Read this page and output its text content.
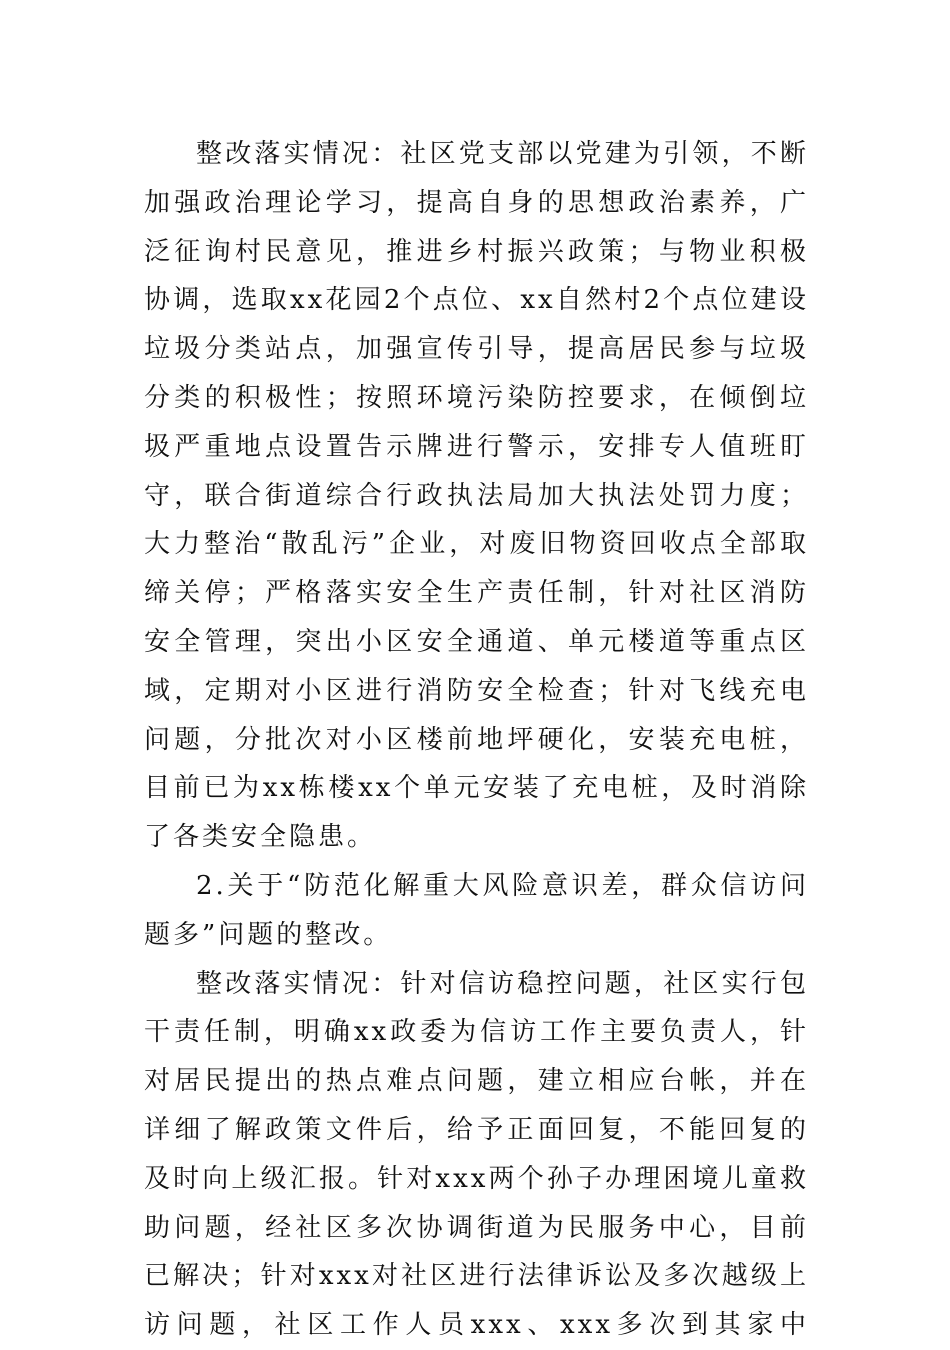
整改落实情况：社区党支部以党建为引领，不断加强政治理论学习，提高自身的思想政治素养，广泛征询村民意见，推进乡村振兴政策；与物业积极协调，选取xx花园2个点位、xx自然村2个点位建设垃圾分类站点，加强宣传引导，提高居民参与垃圾分类的积极性；按照环境污染防控要求，在倾倒垃圾严重地点设置告示牌进行警示，安排专人值班盯守，联合街道综合行政执法局加大执法处罚力度；大力整治“散乱污”企业，对废旧物资回收点全部取缔关停；严格落实安全生产责任制，针对社区消防安全管理，突出小区安全通道、单元楼道等重点区域，定期对小区进行消防安全检查；针对飞线充电问题，分批次对小区楼前地坪硬化，安装充电桩，目前已为xx栋楼xx个单元安装了充电桩，及时消除了各类安全隐患。

2.关于“防范化解重大风险意识差，群众信访问题多”问题的整改。

整改落实情况：针对信访稳控问题，社区实行包干责任制，明确xx政委为信访工作主要负责人，针对居民提出的热点难点问题，建立相应台帐，并在详细了解政策文件后，给予正面回复，不能回复的及时向上级汇报。针对xxx两个孙子办理困境儿童救助问题，经社区多次协调街道为民服务中心，目前已解决；针对xxx对社区进行法律诉讼及多次越级上访问题，社区工作人员xxx、xxx多次到其家中
